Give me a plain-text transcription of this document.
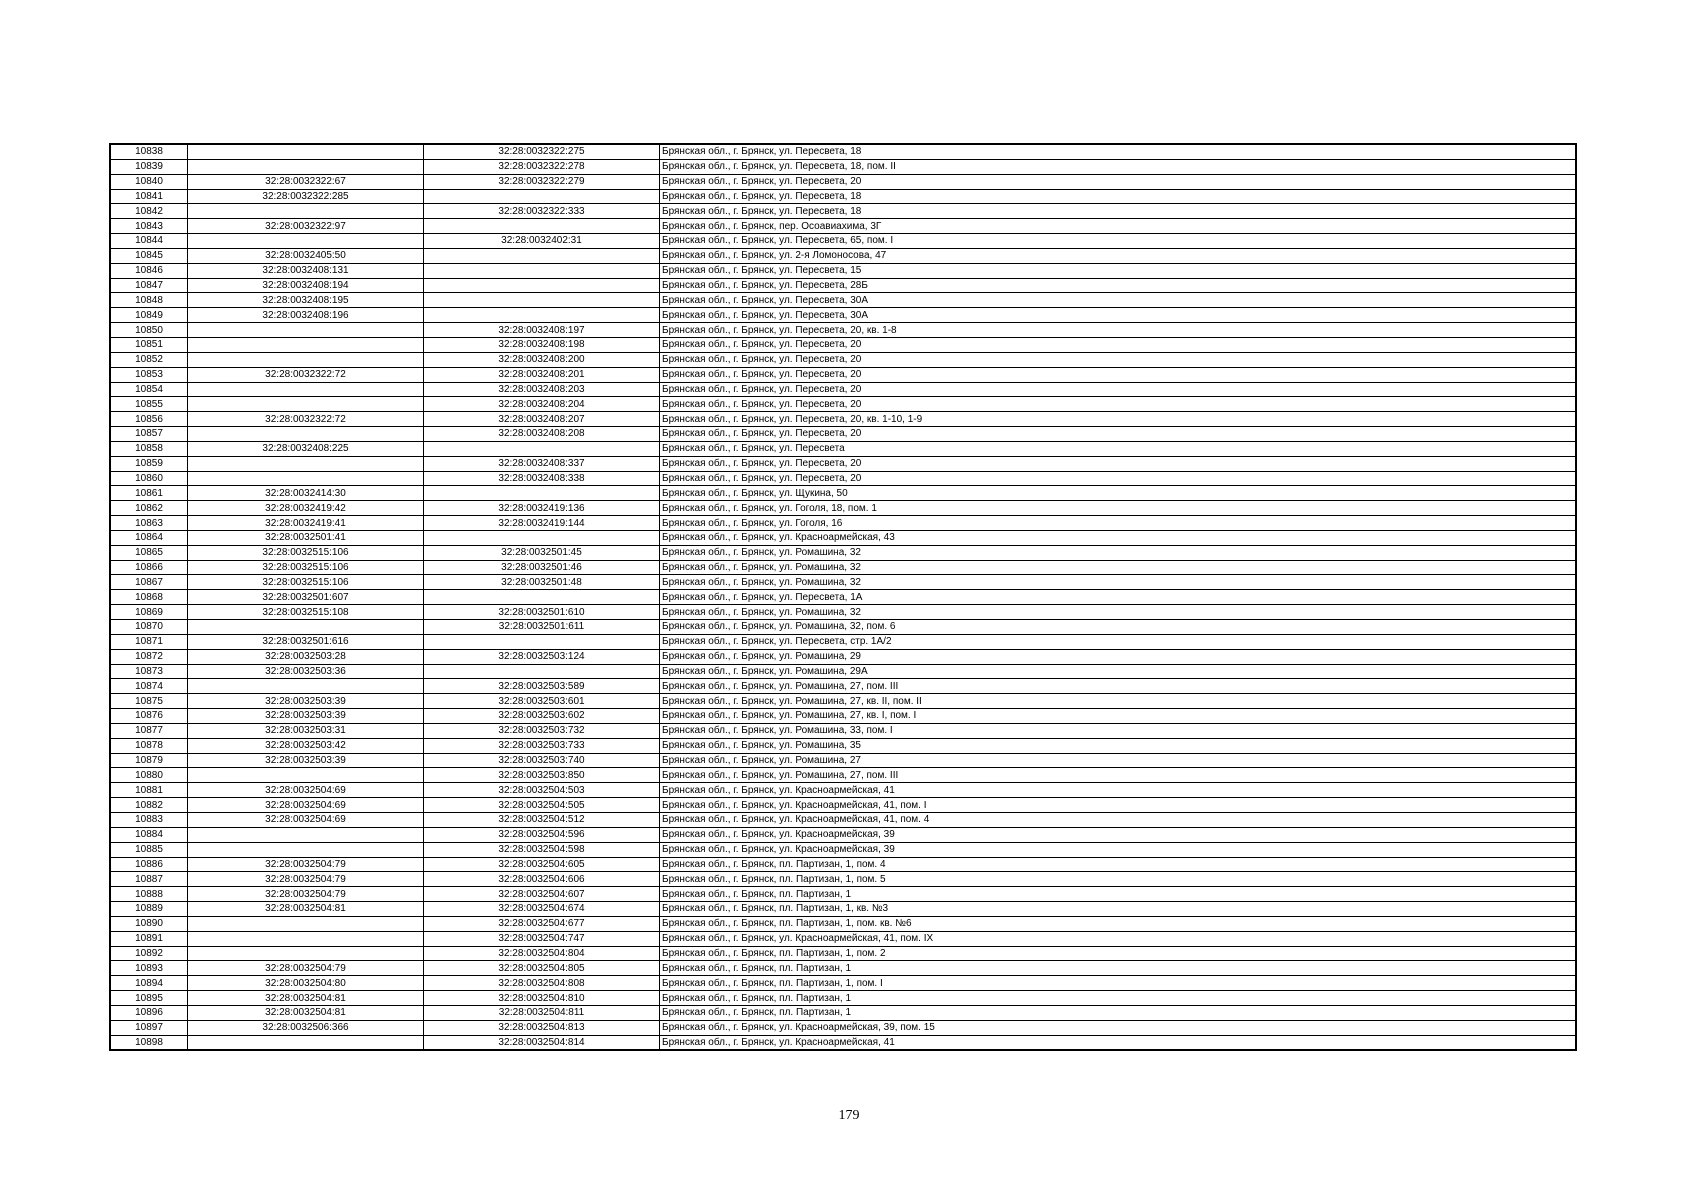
10838		32:28:0032322:275	Брянская обл., г. Брянск, ул. Пересвета, 18
10839		32:28:0032322:278	Брянская обл., г. Брянск, ул. Пересвета, 18, пом. II
10840	32:28:0032322:67	32:28:0032322:279	Брянская обл., г. Брянск, ул. Пересвета, 20
10841	32:28:0032322:285		Брянская обл., г. Брянск, ул. Пересвета, 18
10842		32:28:0032322:333	Брянская обл., г. Брянск, ул. Пересвета, 18
10843	32:28:0032322:97		Брянская обл., г. Брянск, пер. Осоавиахима, 3Г
10844		32:28:0032402:31	Брянская обл., г. Брянск, ул. Пересвета, 65, пом. I
10845	32:28:0032405:50		Брянская обл., г. Брянск, ул. 2-я Ломоносова, 47
10846	32:28:0032408:131		Брянская обл., г. Брянск, ул. Пересвета, 15
10847	32:28:0032408:194		Брянская обл., г. Брянск, ул. Пересвета, 28Б
10848	32:28:0032408:195		Брянская обл., г. Брянск, ул. Пересвета, 30А
10849	32:28:0032408:196		Брянская обл., г. Брянск, ул. Пересвета, 30А
10850		32:28:0032408:197	Брянская обл., г. Брянск, ул. Пересвета, 20, кв. 1-8
10851		32:28:0032408:198	Брянская обл., г. Брянск, ул. Пересвета, 20
10852		32:28:0032408:200	Брянская обл., г. Брянск, ул. Пересвета, 20
10853	32:28:0032322:72	32:28:0032408:201	Брянская обл., г. Брянск, ул. Пересвета, 20
10854		32:28:0032408:203	Брянская обл., г. Брянск, ул. Пересвета, 20
10855		32:28:0032408:204	Брянская обл., г. Брянск, ул. Пересвета, 20
10856	32:28:0032322:72	32:28:0032408:207	Брянская обл., г. Брянск, ул. Пересвета, 20, кв. 1-10, 1-9
10857		32:28:0032408:208	Брянская обл., г. Брянск, ул. Пересвета, 20
10858	32:28:0032408:225		Брянская обл., г. Брянск, ул. Пересвета
10859		32:28:0032408:337	Брянская обл., г. Брянск, ул. Пересвета, 20
10860		32:28:0032408:338	Брянская обл., г. Брянск, ул. Пересвета, 20
10861	32:28:0032414:30		Брянская обл., г. Брянск, ул. Щукина, 50
10862	32:28:0032419:42	32:28:0032419:136	Брянская обл., г. Брянск, ул. Гоголя, 18, пом. 1
10863	32:28:0032419:41	32:28:0032419:144	Брянская обл., г. Брянск, ул. Гоголя, 16
10864	32:28:0032501:41		Брянская обл., г. Брянск, ул. Красноармейская, 43
10865	32:28:0032515:106	32:28:0032501:45	Брянская обл., г. Брянск, ул. Ромашина, 32
10866	32:28:0032515:106	32:28:0032501:46	Брянская обл., г. Брянск, ул. Ромашина, 32
10867	32:28:0032515:106	32:28:0032501:48	Брянская обл., г. Брянск, ул. Ромашина, 32
10868	32:28:0032501:607		Брянская обл., г. Брянск, ул. Пересвета, 1А
10869	32:28:0032515:108	32:28:0032501:610	Брянская обл., г. Брянск, ул. Ромашина, 32
10870		32:28:0032501:611	Брянская обл., г. Брянск, ул. Ромашина, 32, пом. 6
10871	32:28:0032501:616		Брянская обл., г. Брянск, ул. Пересвета, стр. 1А/2
10872	32:28:0032503:28	32:28:0032503:124	Брянская обл., г. Брянск, ул. Ромашина, 29
10873	32:28:0032503:36		Брянская обл., г. Брянск, ул. Ромашина, 29А
10874		32:28:0032503:589	Брянская обл., г. Брянск, ул. Ромашина, 27, пом. III
10875	32:28:0032503:39	32:28:0032503:601	Брянская обл., г. Брянск, ул. Ромашина, 27, кв. II, пом. II
10876	32:28:0032503:39	32:28:0032503:602	Брянская обл., г. Брянск, ул. Ромашина, 27, кв. I, пом. I
10877	32:28:0032503:31	32:28:0032503:732	Брянская обл., г. Брянск, ул. Ромашина, 33, пом. I
10878	32:28:0032503:42	32:28:0032503:733	Брянская обл., г. Брянск, ул. Ромашина, 35
10879	32:28:0032503:39	32:28:0032503:740	Брянская обл., г. Брянск, ул. Ромашина, 27
10880		32:28:0032503:850	Брянская обл., г. Брянск, ул. Ромашина, 27, пом. III
10881	32:28:0032504:69	32:28:0032504:503	Брянская обл., г. Брянск, ул. Красноармейская, 41
10882	32:28:0032504:69	32:28:0032504:505	Брянская обл., г. Брянск, ул. Красноармейская, 41, пом. I
10883	32:28:0032504:69	32:28:0032504:512	Брянская обл., г. Брянск, ул. Красноармейская, 41, пом. 4
10884		32:28:0032504:596	Брянская обл., г. Брянск, ул. Красноармейская, 39
10885		32:28:0032504:598	Брянская обл., г. Брянск, ул. Красноармейская, 39
10886	32:28:0032504:79	32:28:0032504:605	Брянская обл., г. Брянск, пл. Партизан, 1, пом. 4
10887	32:28:0032504:79	32:28:0032504:606	Брянская обл., г. Брянск, пл. Партизан, 1, пом. 5
10888	32:28:0032504:79	32:28:0032504:607	Брянская обл., г. Брянск, пл. Партизан, 1
10889	32:28:0032504:81	32:28:0032504:674	Брянская обл., г. Брянск, пл. Партизан, 1, кв. №3
10890		32:28:0032504:677	Брянская обл., г. Брянск, пл. Партизан, 1, пом. кв. №6
10891		32:28:0032504:747	Брянская обл., г. Брянск, ул. Красноармейская, 41, пом. IX
10892		32:28:0032504:804	Брянская обл., г. Брянск, пл. Партизан, 1, пом. 2
10893	32:28:0032504:79	32:28:0032504:805	Брянская обл., г. Брянск, пл. Партизан, 1
10894	32:28:0032504:80	32:28:0032504:808	Брянская обл., г. Брянск, пл. Партизан, 1, пом. I
10895	32:28:0032504:81	32:28:0032504:810	Брянская обл., г. Брянск, пл. Партизан, 1
10896	32:28:0032504:81	32:28:0032504:811	Брянская обл., г. Брянск, пл. Партизан, 1
10897	32:28:0032506:366	32:28:0032504:813	Брянская обл., г. Брянск, ул. Красноармейская, 39, пом. 15
10898		32:28:0032504:814	Брянская обл., г. Брянск, ул. Красноармейская, 41
179
